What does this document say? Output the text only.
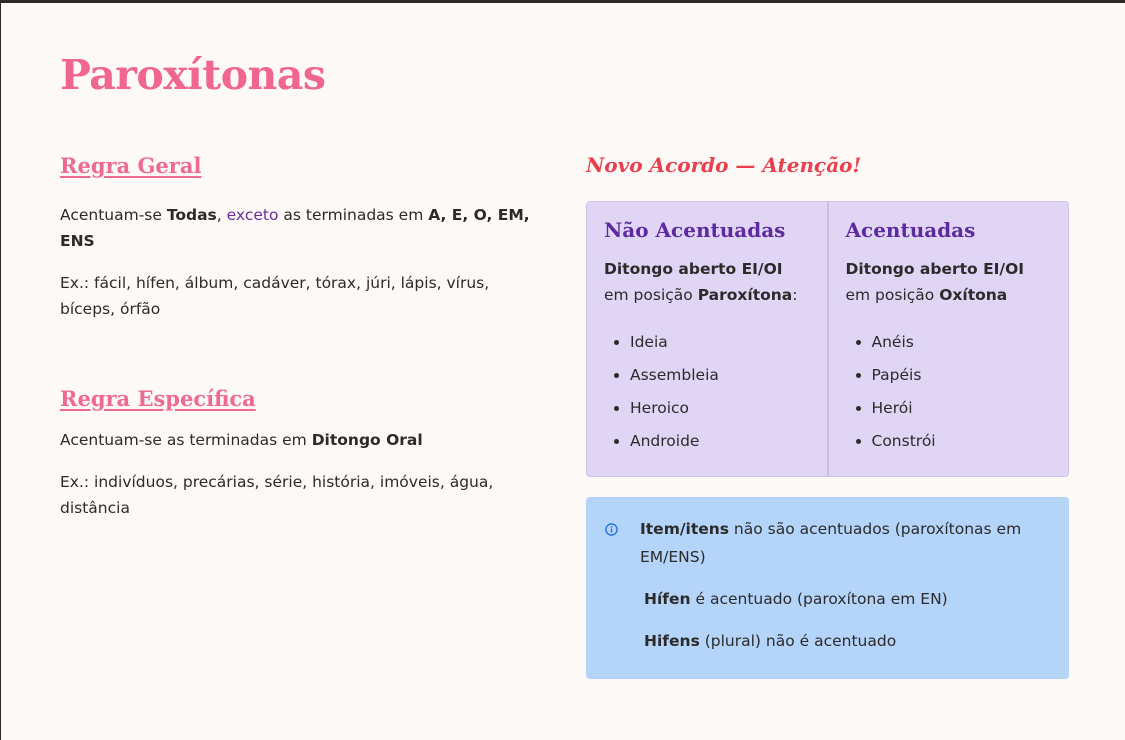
Paroxítonas
Regra Geral

Acentuam-se Todas, exceto as terminadas em A, E, O, EM, ENS

Ex.: fácil, hífen, álbum, cadáver, tórax, júri, lápis, vírus, bíceps, órfão

Regra Específica

Acentuam-se as terminadas em Ditongo Oral

Ex.: indivíduos, precárias, série, história, imóveis, água, distância

Novo Acordo — Atenção!
Não Acentuadas
Ditongo aberto EI/OI em posição Paroxítona:
• Ideia
• Assembleia
• Heroico
• Androide
Acentuadas
Ditongo aberto EI/OI em posição Oxítona
• Anéis
• Papéis
• Herói
• Constrói

Item/itens não são acentuados (paroxítonas em EM/ENS)

Hífen é acentuado (paroxítona em EN)

Hifens (plural) não é acentuado
